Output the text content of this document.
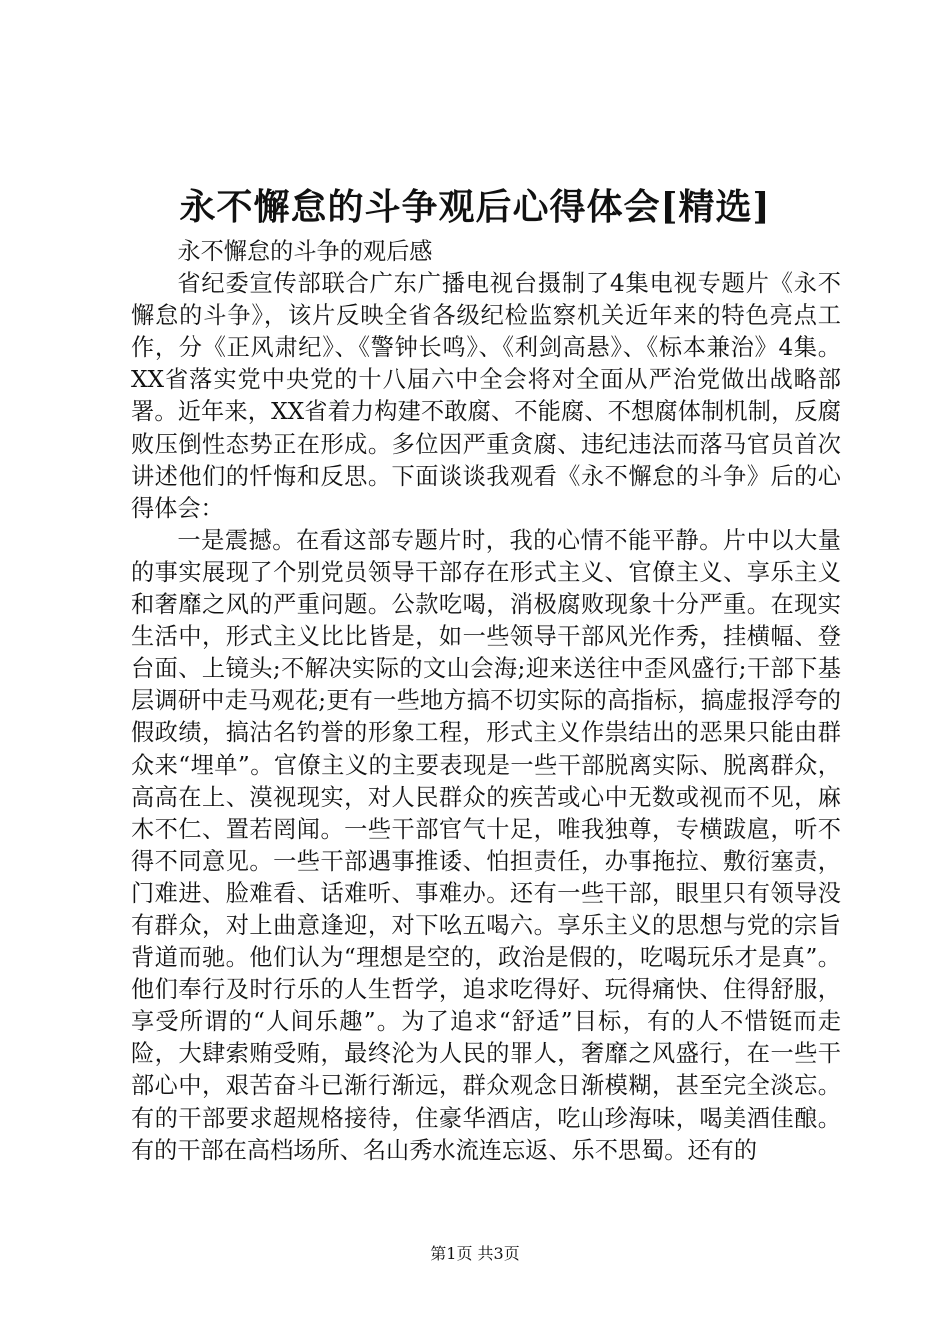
永不懈怠的斗争观后心得体会[精选]

永不懈怠的斗争的观后感

省纪委宣传部联合广东广播电视台摄制了4集电视专题片《永不懈怠的斗争》，该片反映全省各级纪检监察机关近年来的特色亮点工作，分《正风肃纪》、《警钟长鸣》、《利剑高悬》、《标本兼治》4集。XX省落实党中央党的十八届六中全会将对全面从严治党做出战略部署。近年来，XX省着力构建不敢腐、不能腐、不想腐体制机制，反腐败压倒性态势正在形成。多位因严重贪腐、违纪违法而落马官员首次讲述他们的忏悔和反思。下面谈谈我观看《永不懈怠的斗争》后的心得体会：

一是震撼。在看这部专题片时，我的心情不能平静。片中以大量的事实展现了个别党员领导干部存在形式主义、官僚主义、享乐主义和奢靡之风的严重问题。公款吃喝，消极腐败现象十分严重。在现实生活中，形式主义比比皆是，如一些领导干部风光作秀，挂横幅、登台面、上镜头;不解决实际的文山会海;迎来送往中歪风盛行;干部下基层调研中走马观花;更有一些地方搞不切实际的高指标，搞虚报浮夸的假政绩，搞沽名钓誉的形象工程，形式主义作祟结出的恶果只能由群众来“埋单”。官僚主义的主要表现是一些干部脱离实际、脱离群众，高高在上、漠视现实，对人民群众的疾苦或心中无数或视而不见，麻木不仁、置若罔闻。一些干部官气十足，唯我独尊，专横跋扈，听不得不同意见。一些干部遇事推诿、怕担责任，办事拖拉、敷衍塞责，门难进、脸难看、话难听、事难办。还有一些干部，眼里只有领导没有群众，对上曲意逢迎，对下吆五喝六。享乐主义的思想与党的宗旨背道而驰。他们认为“理想是空的，政治是假的，吃喝玩乐才是真”。他们奉行及时行乐的人生哲学，追求吃得好、玩得痛快、住得舒服，享受所谓的“人间乐趣”。为了追求“舒适”目标，有的人不惜铤而走险，大肆索贿受贿，最终沦为人民的罪人，奢靡之风盛行，在一些干部心中，艰苦奋斗已渐行渐远，群众观念日渐模糊，甚至完全淡忘。有的干部要求超规格接待，住豪华酒店，吃山珍海味，喝美酒佳酿。有的干部在高档场所、名山秀水流连忘返、乐不思蜀。还有的

第1页 共3页
